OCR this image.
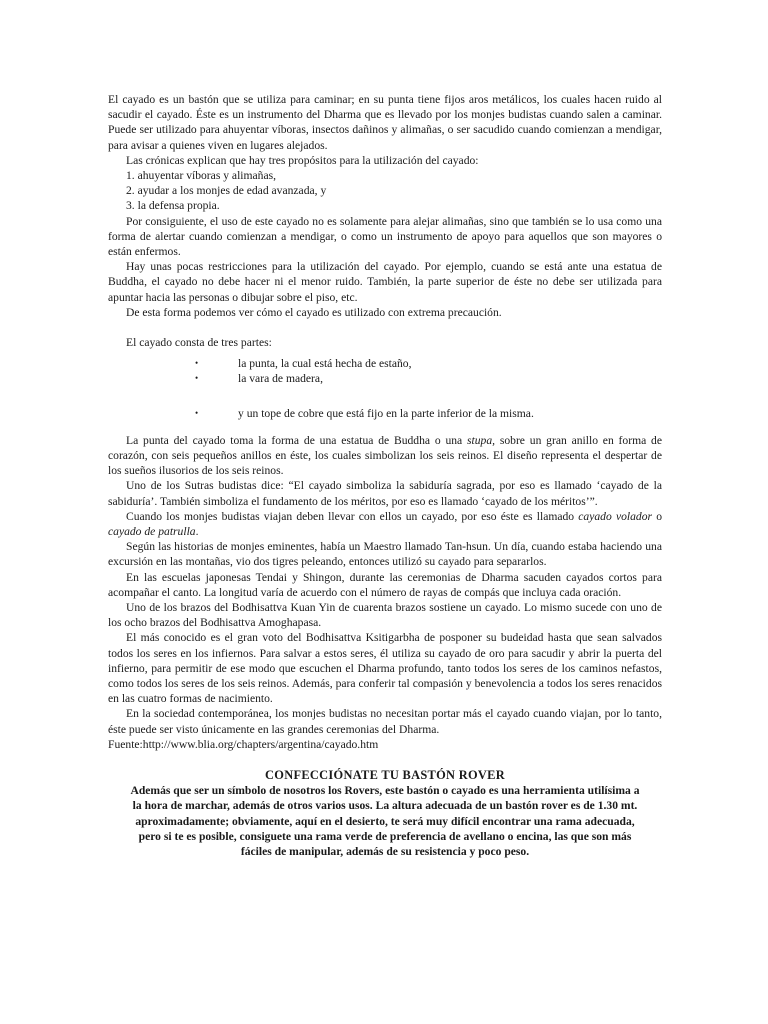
El cayado es un bastón que se utiliza para caminar; en su punta tiene fijos aros metálicos, los cuales hacen ruido al sacudir el cayado. Éste es un instrumento del Dharma que es llevado por los monjes budistas cuando salen a caminar. Puede ser utilizado para ahuyentar víboras, insectos dañinos y alimañas, o ser sacudido cuando comienzan a mendigar, para avisar a quienes viven en lugares alejados.

Las crónicas explican que hay tres propósitos para la utilización del cayado:

1. ahuyentar víboras y alimañas,

2. ayudar a los monjes de edad avanzada, y

3. la defensa propia.

Por consiguiente, el uso de este cayado no es solamente para alejar alimañas, sino que también se lo usa como una forma de alertar cuando comienzan a mendigar, o como un instrumento de apoyo para aquellos que son mayores o están enfermos.

Hay unas pocas restricciones para la utilización del cayado. Por ejemplo, cuando se está ante una estatua de Buddha, el cayado no debe hacer ni el menor ruido. También, la parte superior de éste no debe ser utilizada para apuntar hacia las personas o dibujar sobre el piso, etc.

De esta forma podemos ver cómo el cayado es utilizado con extrema precaución.

El cayado consta de tres partes:

•	la punta, la cual está hecha de estaño,
•	la vara de madera,
•	y un tope de cobre que está fijo en la parte inferior de la misma.

La punta del cayado toma la forma de una estatua de Buddha o una stupa, sobre un gran anillo en forma de corazón, con seis pequeños anillos en éste, los cuales simbolizan los seis reinos. El diseño representa el despertar de los sueños ilusorios de los seis reinos.

Uno de los Sutras budistas dice: “El cayado simboliza la sabiduría sagrada, por eso es llamado ‘cayado de la sabiduría’. También simboliza el fundamento de los méritos, por eso es llamado ‘cayado de los méritos’”.

Cuando los monjes budistas viajan deben llevar con ellos un cayado, por eso éste es llamado cayado volador o cayado de patrulla.

Según las historias de monjes eminentes, había un Maestro llamado Tan-hsun. Un día, cuando estaba haciendo una excursión en las montañas, vio dos tigres peleando, entonces utilizó su cayado para separarlos.

En las escuelas japonesas Tendai y Shingon, durante las ceremonias de Dharma sacuden cayados cortos para acompañar el canto. La longitud varía de acuerdo con el número de rayas de compás que incluya cada oración.

Uno de los brazos del Bodhisattva Kuan Yin de cuarenta brazos sostiene un cayado. Lo mismo sucede con uno de los ocho brazos del Bodhisattva Amoghapasa.

El más conocido es el gran voto del Bodhisattva Ksitigarbha de posponer su budeidad hasta que sean salvados todos los seres en los infiernos. Para salvar a estos seres, él utiliza su cayado de oro para sacudir y abrir la puerta del infierno, para permitir de ese modo que escuchen el Dharma profundo, tanto todos los seres de los caminos nefastos, como todos los seres de los seis reinos. Además, para conferir tal compasión y benevolencia a todos los seres renacidos en las cuatro formas de nacimiento.

En la sociedad contemporánea, los monjes budistas no necesitan portar más el cayado cuando viajan, por lo tanto, éste puede ser visto únicamente en las grandes ceremonias del Dharma.

Fuente:http://www.blia.org/chapters/argentina/cayado.htm

CONFECCIÓNATE TU BASTÓN ROVER

Además que ser un símbolo de nosotros los Rovers, este bastón o cayado es una herramienta utilísima a
la hora de marchar, además de otros varios usos. La altura adecuada de un bastón rover es de 1.30 mt.
aproximadamente; obviamente, aquí en el desierto, te será muy difícil encontrar una rama adecuada,
pero si te es posible, consiguete una rama verde de preferencia de avellano o encina, las que son más
fáciles de manipular, además de su resistencia y poco peso.
